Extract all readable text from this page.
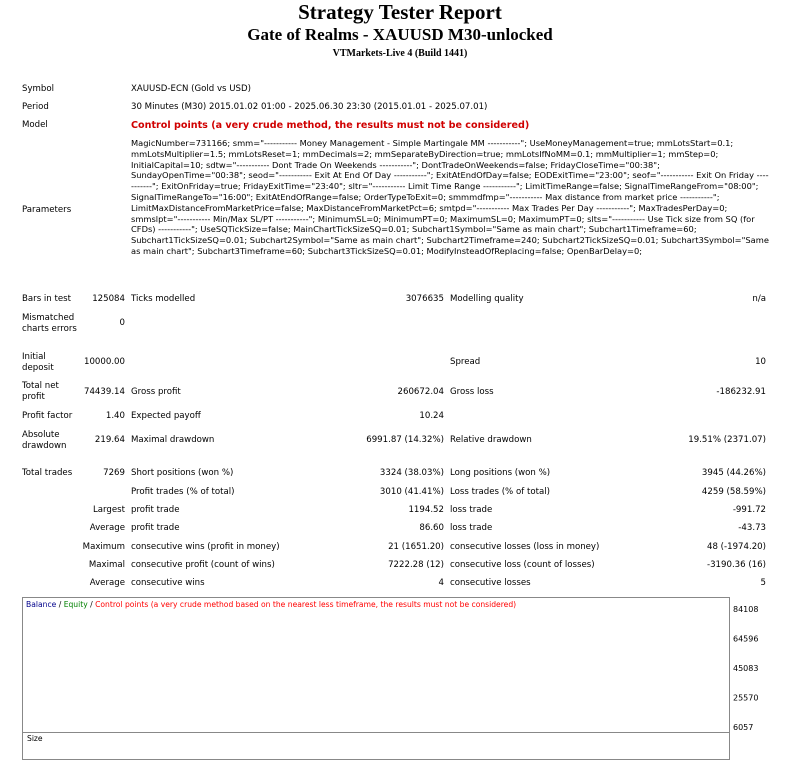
Strategy Tester Report
Gate of Realms - XAUUSD M30-unlocked
VTMarkets-Live 4 (Build 1441)
Symbol	XAUUSD-ECN (Gold vs USD)
Period	30 Minutes (M30) 2015.01.02 01:00 - 2025.06.30 23:30 (2015.01.01 - 2025.07.01)
Model	Control points (a very crude method, the results must not be considered)
Parameters
MagicNumber=731166; smm="----------- Money Management - Simple Martingale MM -----------"; UseMoneyManagement=true; mmLotsStart=0.1; mmLotsMultiplier=1.5; mmLotsReset=1; mmDecimals=2; mmSeparateByDirection=true; mmLotsIfNoMM=0.1; mmMultiplier=1; mmStep=0; InitialCapital=10; sdtw="----------- Dont Trade On Weekends -----------"; DontTradeOnWeekends=false; FridayCloseTime="00:38"; SundayOpenTime="00:38"; seod="----------- Exit At End Of Day -----------"; ExitAtEndOfDay=false; EODExitTime="23:00"; seof="----------- Exit On Friday -----------"; ExitOnFriday=true; FridayExitTime="23:40"; sltr="----------- Limit Time Range -----------"; LimitTimeRange=false; SignalTimeRangeFrom="08:00"; SignalTimeRangeTo="16:00"; ExitAtEndOfRange=false; OrderTypeToExit=0; smmmdfmp="----------- Max distance from market price -----------"; LimitMaxDistanceFromMarketPrice=false; MaxDistanceFromMarketPct=6; smtpd="----------- Max Trades Per Day -----------"; MaxTradesPerDay=0; smmslpt="----------- Min/Max SL/PT -----------"; MinimumSL=0; MinimumPT=0; MaximumSL=0; MaximumPT=0; slts="----------- Use Tick size from SQ (for CFDs) -----------"; UseSQTickSize=false; MainChartTickSizeSQ=0.01; Subchart1Symbol="Same as main chart"; Subchart1Timeframe=60; Subchart1TickSizeSQ=0.01; Subchart2Symbol="Same as main chart"; Subchart2Timeframe=240; Subchart2TickSizeSQ=0.01; Subchart3Symbol="Same as main chart"; Subchart3Timeframe=60; Subchart3TickSizeSQ=0.01; ModifyInsteadOfReplacing=false; OpenBarDelay=0;
Bars in test	125084 Ticks modelled	3076635 Modelling quality	n/a
Mismatched
charts errors
0
Initial
deposit
10000.00	Spread	10
Total net
profit	74439.14 Gross profit	260672.04 Gross loss	-186232.91
Profit factor	1.40 Expected payoff	10.24
Absolute
drawdown
219.64 Maximal drawdown	6991.87 (14.32%) Relative drawdown	19.51% (2371.07)
Total trades	7269 Short positions (won %)	3324 (38.03%) Long positions (won %)	3945 (44.26%)
Profit trades (% of total)	3010 (41.41%) Loss trades (% of total)	4259 (58.59%)
Largest profit trade	1194.52 loss trade	-991.72
Average profit trade	86.60 loss trade	-43.73
Maximum consecutive wins (profit in money)	21 (1651.20) consecutive losses (loss in money)	48 (-1974.20)
Maximal consecutive profit (count of wins)	7222.28 (12) consecutive loss (count of losses)	-3190.36 (16)
Average consecutive wins	4 consecutive losses	5
Balance / Equity / Control points (a very crude method based on the nearest less timeframe, the results must not be considered)
Size
84108
64596
45083
25570
6057
